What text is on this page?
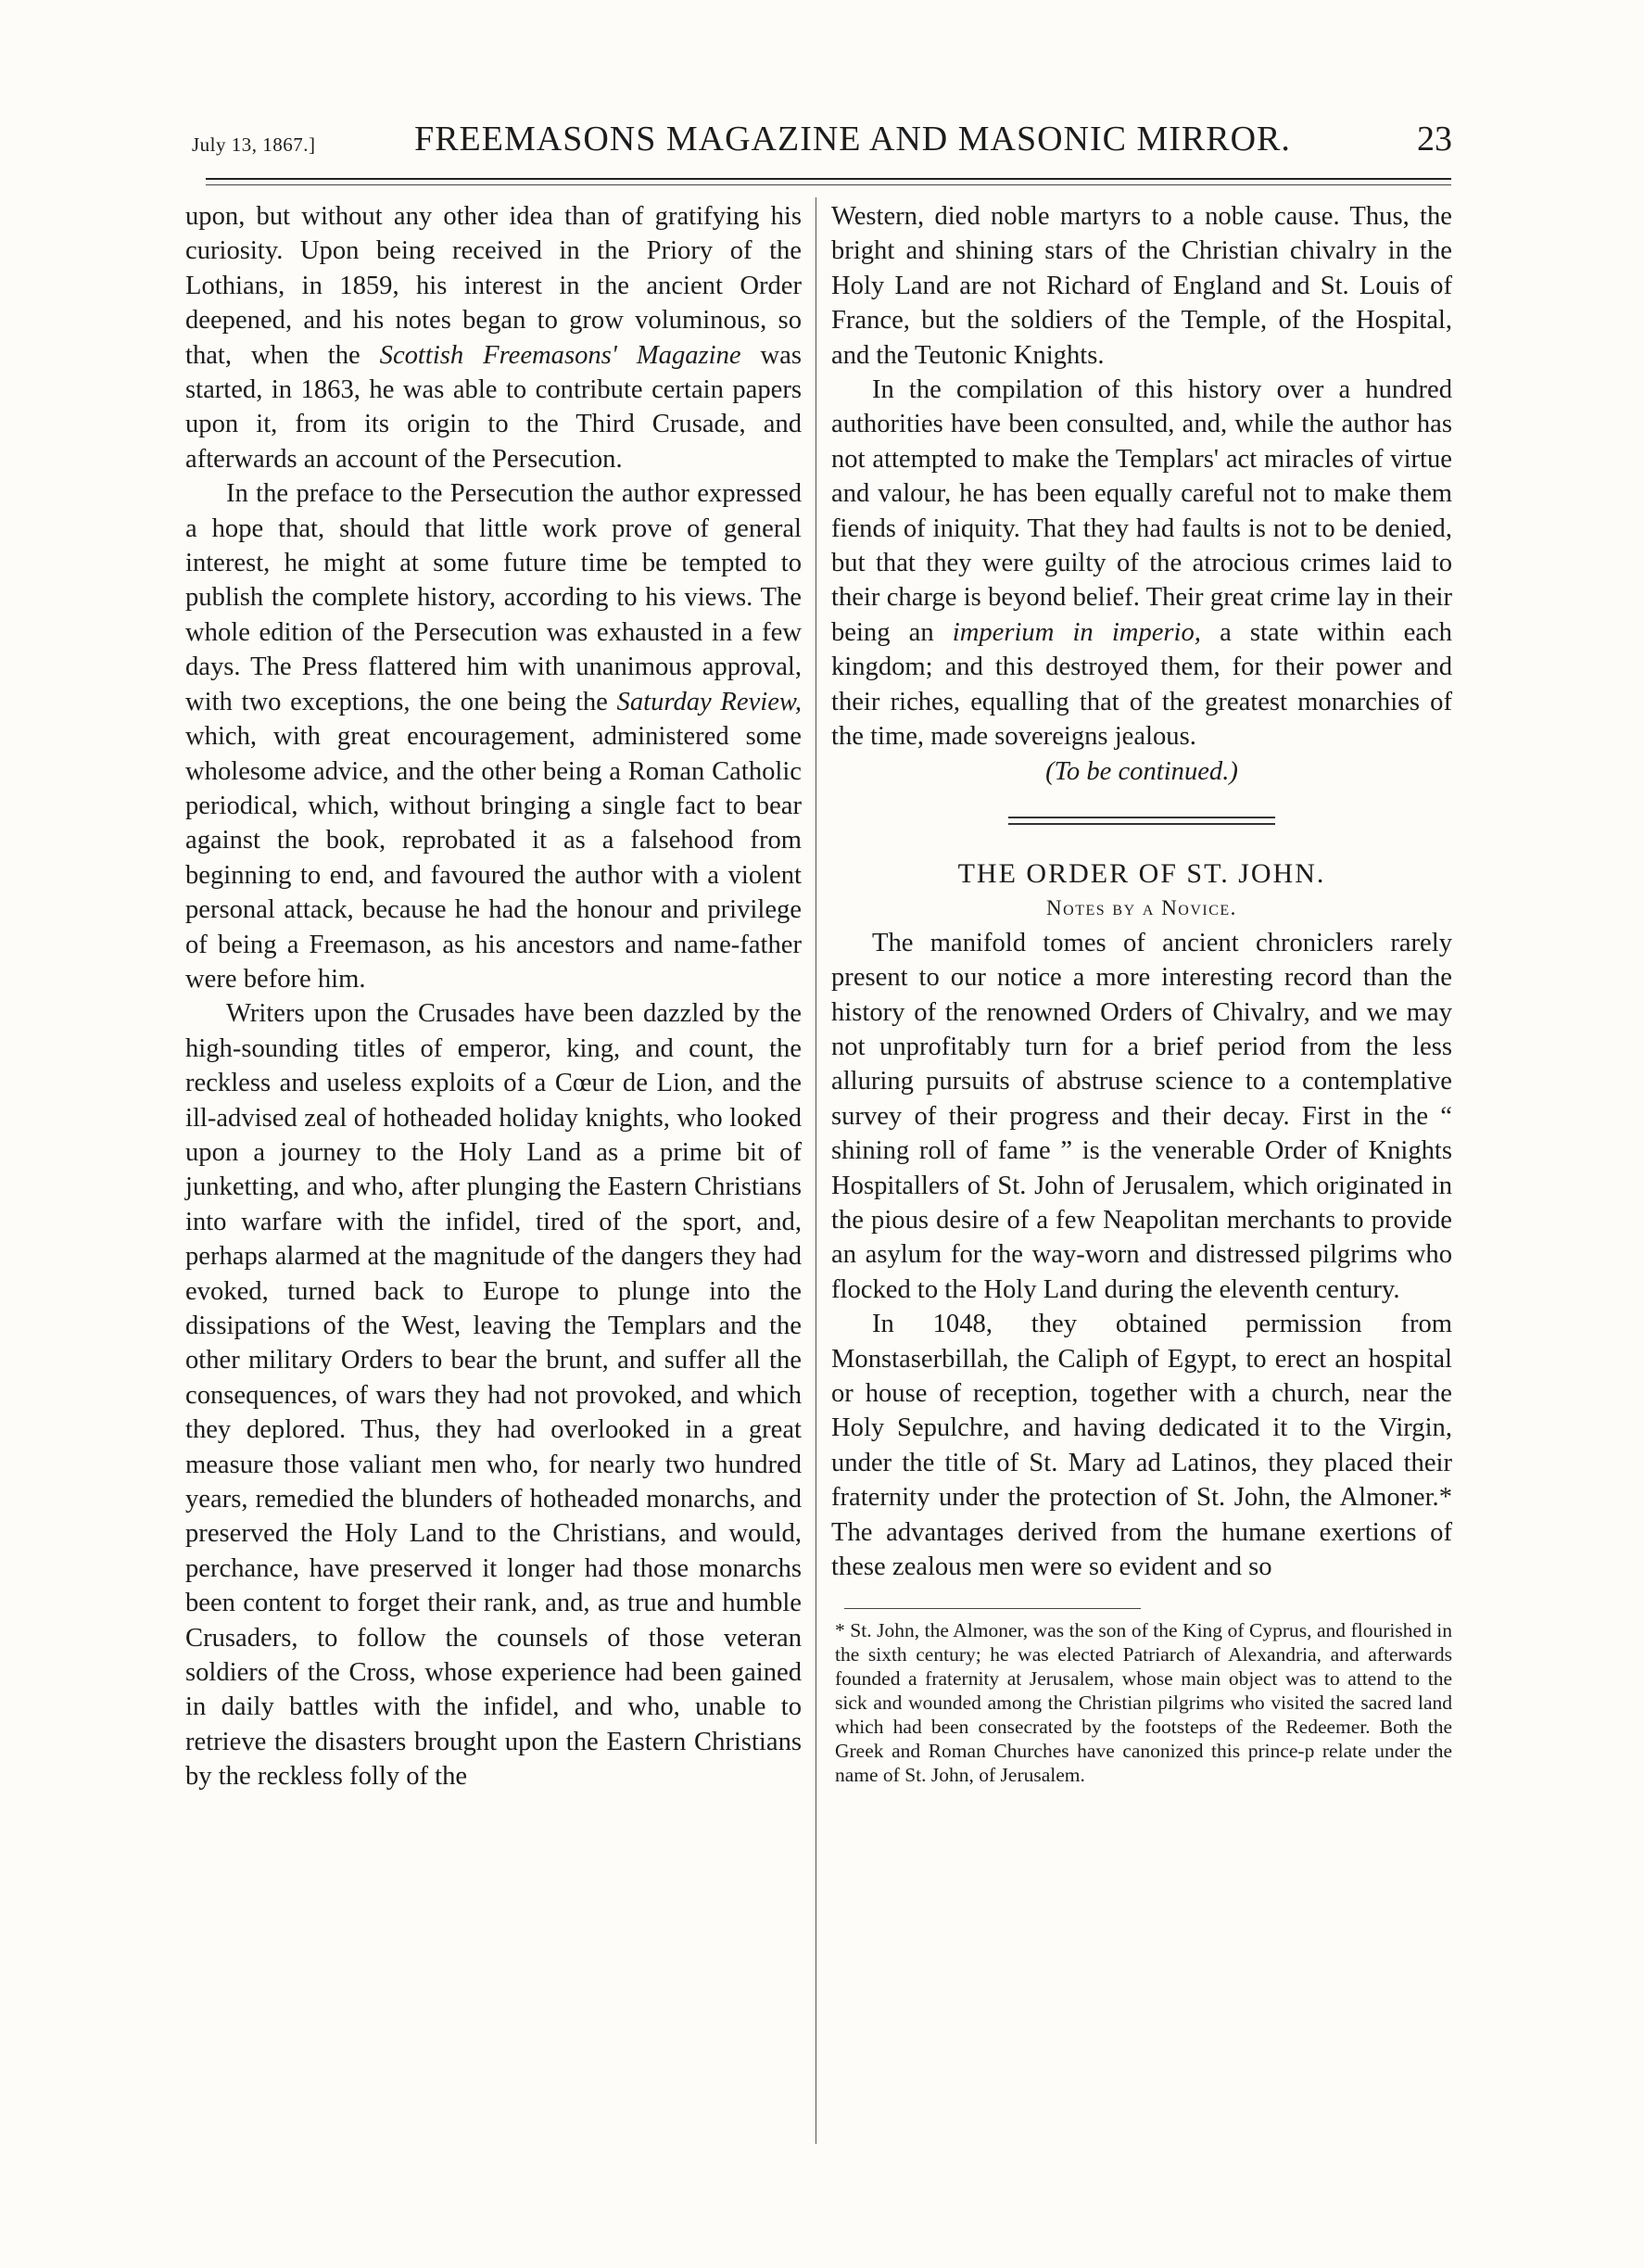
July 13, 1867.]	FREEMASONS MAGAZINE AND MASONIC MIRROR.	23

upon, but without any other idea than of gratifying his curiosity. Upon being received in the Priory of the Lothians, in 1859, his interest in the ancient Order deepened, and his notes began to grow voluminous, so that, when the Scottish Freemasons' Magazine was started, in 1863, he was able to contribute certain papers upon it, from its origin to the Third Crusade, and afterwards an account of the Persecution.

In the preface to the Persecution the author expressed a hope that, should that little work prove of general interest, he might at some future time be tempted to publish the complete history, according to his views. The whole edition of the Persecution was exhausted in a few days. The Press flattered him with unanimous approval, with two exceptions, the one being the Saturday Review, which, with great encouragement, administered some wholesome advice, and the other being a Roman Catholic periodical, which, without bringing a single fact to bear against the book, reprobated it as a falsehood from beginning to end, and favoured the author with a violent personal attack, because he had the honour and privilege of being a Freemason, as his ancestors and name-father were before him.

Writers upon the Crusades have been dazzled by the high-sounding titles of emperor, king, and count, the reckless and useless exploits of a Cœur de Lion, and the ill-advised zeal of hotheaded holiday knights, who looked upon a journey to the Holy Land as a prime bit of junketting, and who, after plunging the Eastern Christians into warfare with the infidel, tired of the sport, and, perhaps alarmed at the magnitude of the dangers they had evoked, turned back to Europe to plunge into the dissipations of the West, leaving the Templars and the other military Orders to bear the brunt, and suffer all the consequences, of wars they had not provoked, and which they deplored. Thus, they had overlooked in a great measure those valiant men who, for nearly two hundred years, remedied the blunders of hotheaded monarchs, and preserved the Holy Land to the Christians, and would, perchance, have preserved it longer had those monarchs been content to forget their rank, and, as true and humble Crusaders, to follow the counsels of those veteran soldiers of the Cross, whose experience had been gained in daily battles with the infidel, and who, unable to retrieve the disasters brought upon the Eastern Christians by the reckless folly of the

Western, died noble martyrs to a noble cause. Thus, the bright and shining stars of the Christian chivalry in the Holy Land are not Richard of England and St. Louis of France, but the soldiers of the Temple, of the Hospital, and the Teutonic Knights.

In the compilation of this history over a hundred authorities have been consulted, and, while the author has not attempted to make the Templars' act miracles of virtue and valour, he has been equally careful not to make them fiends of iniquity. That they had faults is not to be denied, but that they were guilty of the atrocious crimes laid to their charge is beyond belief. Their great crime lay in their being an imperium in imperio, a state within each kingdom; and this destroyed them, for their power and their riches, equalling that of the greatest monarchies of the time, made sovereigns jealous.

(To be continued.)

THE ORDER OF ST. JOHN.

Notes by a Novice.

The manifold tomes of ancient chroniclers rarely present to our notice a more interesting record than the history of the renowned Orders of Chivalry, and we may not unprofitably turn for a brief period from the less alluring pursuits of abstruse science to a contemplative survey of their progress and their decay. First in the “ shining roll of fame ” is the venerable Order of Knights Hospitallers of St. John of Jerusalem, which originated in the pious desire of a few Neapolitan merchants to provide an asylum for the way-worn and distressed pilgrims who flocked to the Holy Land during the eleventh century.

In 1048, they obtained permission from Monstaserbillah, the Caliph of Egypt, to erect an hospital or house of reception, together with a church, near the Holy Sepulchre, and having dedicated it to the Virgin, under the title of St. Mary ad Latinos, they placed their fraternity under the protection of St. John, the Almoner.* The advantages derived from the humane exertions of these zealous men were so evident and so

* St. John, the Almoner, was the son of the King of Cyprus, and flourished in the sixth century; he was elected Patriarch of Alexandria, and afterwards founded a fraternity at Jerusalem, whose main object was to attend to the sick and wounded among the Christian pilgrims who visited the sacred land which had been consecrated by the footsteps of the Redeemer. Both the Greek and Roman Churches have canonized this prince-p relate under the name of St. John, of Jerusalem.
